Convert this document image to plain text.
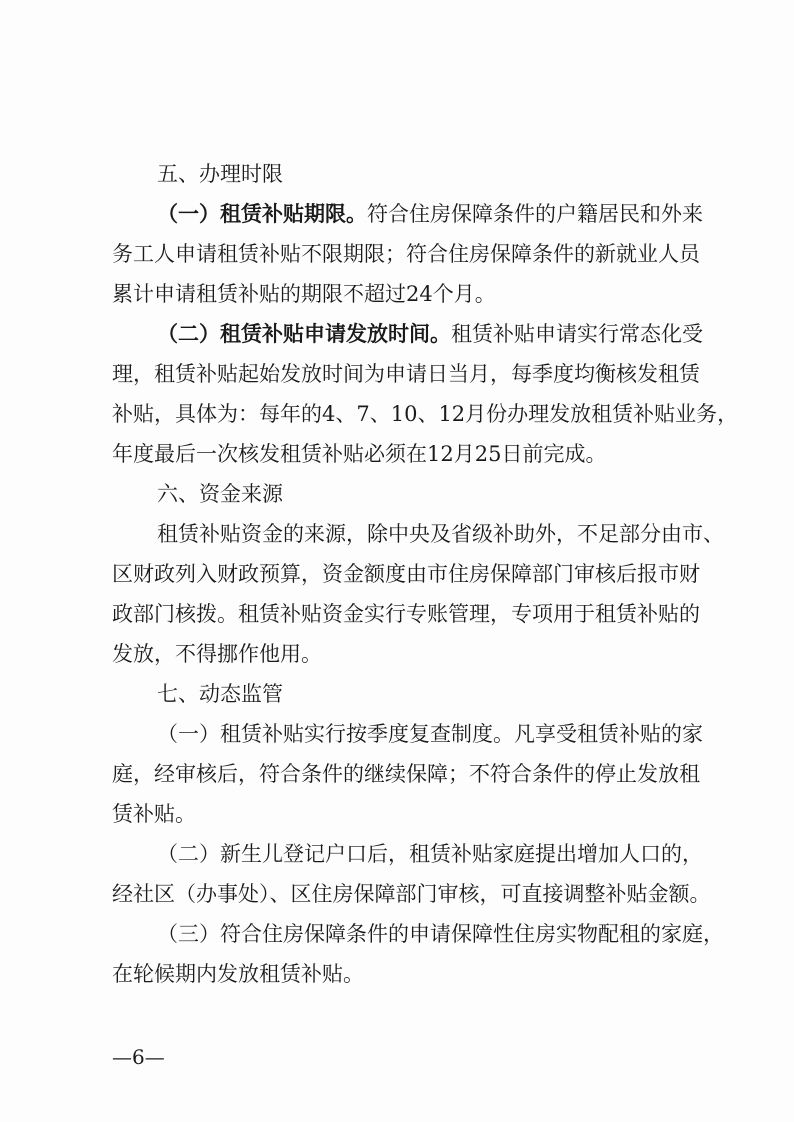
五、办理时限
（一）租赁补贴期限。符合住房保障条件的户籍居民和外来
务工人申请租赁补贴不限期限；符合住房保障条件的新就业人员
累计申请租赁补贴的期限不超过24个月。
（二）租赁补贴申请发放时间。租赁补贴申请实行常态化受
理，租赁补贴起始发放时间为申请日当月，每季度均衡核发租赁
补贴，具体为：每年的4、7、10、12月份办理发放租赁补贴业务，
年度最后一次核发租赁补贴必须在12月25日前完成。
六、资金来源
租赁补贴资金的来源，除中央及省级补助外，不足部分由市、
区财政列入财政预算，资金额度由市住房保障部门审核后报市财
政部门核拨。租赁补贴资金实行专账管理，专项用于租赁补贴的
发放，不得挪作他用。
七、动态监管
（一）租赁补贴实行按季度复查制度。凡享受租赁补贴的家
庭，经审核后，符合条件的继续保障；不符合条件的停止发放租
赁补贴。
（二）新生儿登记户口后，租赁补贴家庭提出增加人口的，
经社区（办事处）、区住房保障部门审核，可直接调整补贴金额。
（三）符合住房保障条件的申请保障性住房实物配租的家庭，
在轮候期内发放租赁补贴。
—6—
